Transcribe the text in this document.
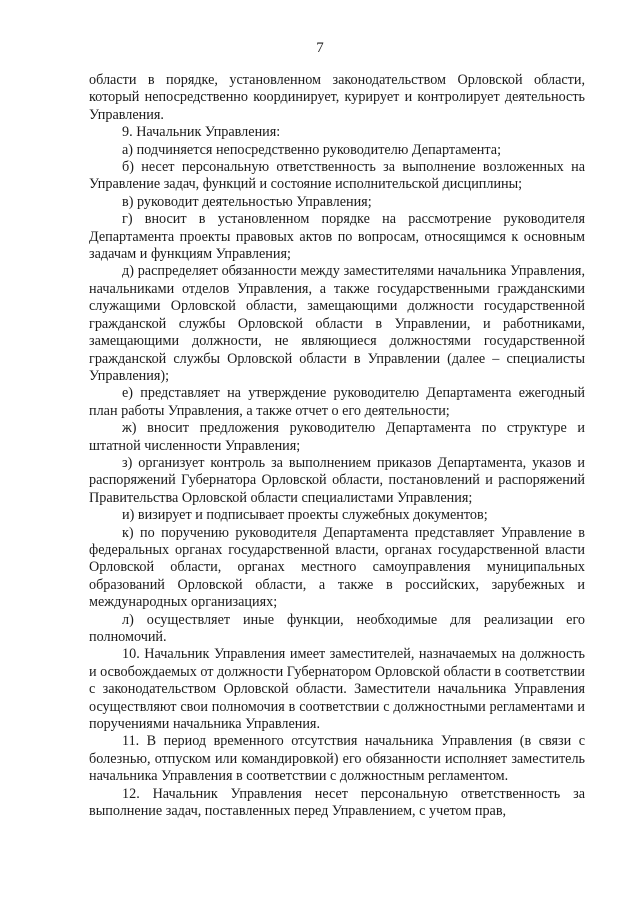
7

области в порядке, установленном законодательством Орловской области, который непосредственно координирует, курирует и контролирует деятельность Управления.

9. Начальник Управления:

а) подчиняется непосредственно руководителю Департамента;

б) несет персональную ответственность за выполнение возложенных на Управление задач, функций и состояние исполнительской дисциплины;

в) руководит деятельностью Управления;

г) вносит в установленном порядке на рассмотрение руководителя Департамента проекты правовых актов по вопросам, относящимся к основным задачам и функциям Управления;

д) распределяет обязанности между заместителями начальника Управления, начальниками отделов Управления, а также государственными гражданскими служащими Орловской области, замещающими должности государственной гражданской службы Орловской области в Управлении, и работниками, замещающими должности, не являющиеся должностями государственной гражданской службы Орловской области в Управлении (далее – специалисты Управления);

е) представляет на утверждение руководителю Департамента ежегодный план работы Управления, а также отчет о его деятельности;

ж) вносит предложения руководителю Департамента по структуре и штатной численности Управления;

з) организует контроль за выполнением приказов Департамента, указов и распоряжений Губернатора Орловской области, постановлений и распоряжений Правительства Орловской области специалистами Управления;

и) визирует и подписывает проекты служебных документов;

к) по поручению руководителя Департамента представляет Управление в федеральных органах государственной власти, органах государственной власти Орловской области, органах местного самоуправления муниципальных образований Орловской области, а также в российских, зарубежных и международных организациях;

л) осуществляет иные функции, необходимые для реализации его полномочий.

10. Начальник Управления имеет заместителей, назначаемых на должность и освобождаемых от должности Губернатором Орловской области в соответствии с законодательством Орловской области. Заместители начальника Управления осуществляют свои полномочия в соответствии с должностными регламентами и поручениями начальника Управления.

11. В период временного отсутствия начальника Управления (в связи с болезнью, отпуском или командировкой) его обязанности исполняет заместитель начальника Управления в соответствии с должностным регламентом.

12. Начальник Управления несет персональную ответственность за выполнение задач, поставленных перед Управлением, с учетом прав,
